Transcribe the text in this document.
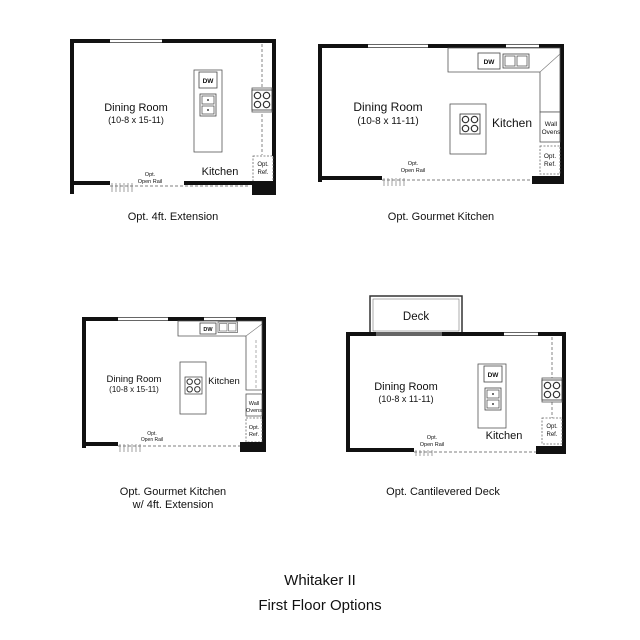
Dining Room
(10-8 x 15-11)
Kitchen
DW
Opt.
Ref.
Opt.
Open Rail
Dining Room
(10-8 x 11-11)	Kitchen
DW
Wall
Ovens
Opt.
Ref.
Opt.
Open Rail
Dining Room
(10-8 x 15-11)
Kitchen
DW
Wall
Ovens
Opt.
Ref.
Opt.
Open Rail
Deck
Dining Room
(10-8 x 11-11)
Kitchen
DW
Opt.
Ref.
Opt.
Open Rail
Opt. 4ft. Extension	Opt. Gourmet Kitchen
Opt. Gourmet Kitchen
w/ 4ft. Extension
Opt. Cantilevered Deck
Whitaker II
First Floor Options
